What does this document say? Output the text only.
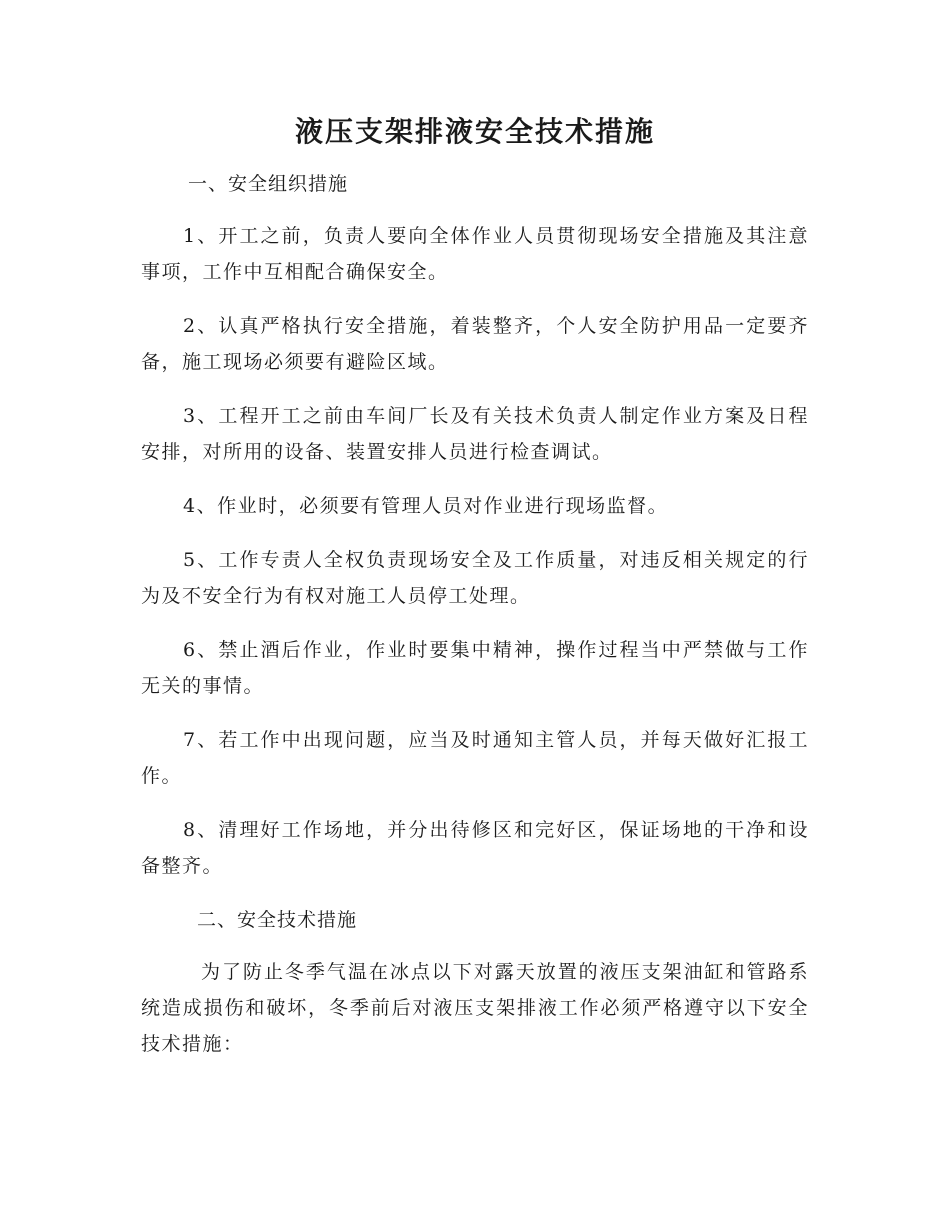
液压支架排液安全技术措施

一、安全组织措施

1、开工之前，负责人要向全体作业人员贯彻现场安全措施及其注意事项，工作中互相配合确保安全。

2、认真严格执行安全措施，着装整齐，个人安全防护用品一定要齐备，施工现场必须要有避险区域。

3、工程开工之前由车间厂长及有关技术负责人制定作业方案及日程安排，对所用的设备、装置安排人员进行检查调试。

4、作业时，必须要有管理人员对作业进行现场监督。

5、工作专责人全权负责现场安全及工作质量，对违反相关规定的行为及不安全行为有权对施工人员停工处理。

6、禁止酒后作业，作业时要集中精神，操作过程当中严禁做与工作无关的事情。

7、若工作中出现问题，应当及时通知主管人员，并每天做好汇报工作。

8、清理好工作场地，并分出待修区和完好区，保证场地的干净和设备整齐。

二、安全技术措施

为了防止冬季气温在冰点以下对露天放置的液压支架油缸和管路系统造成损伤和破坏，冬季前后对液压支架排液工作必须严格遵守以下安全技术措施：
